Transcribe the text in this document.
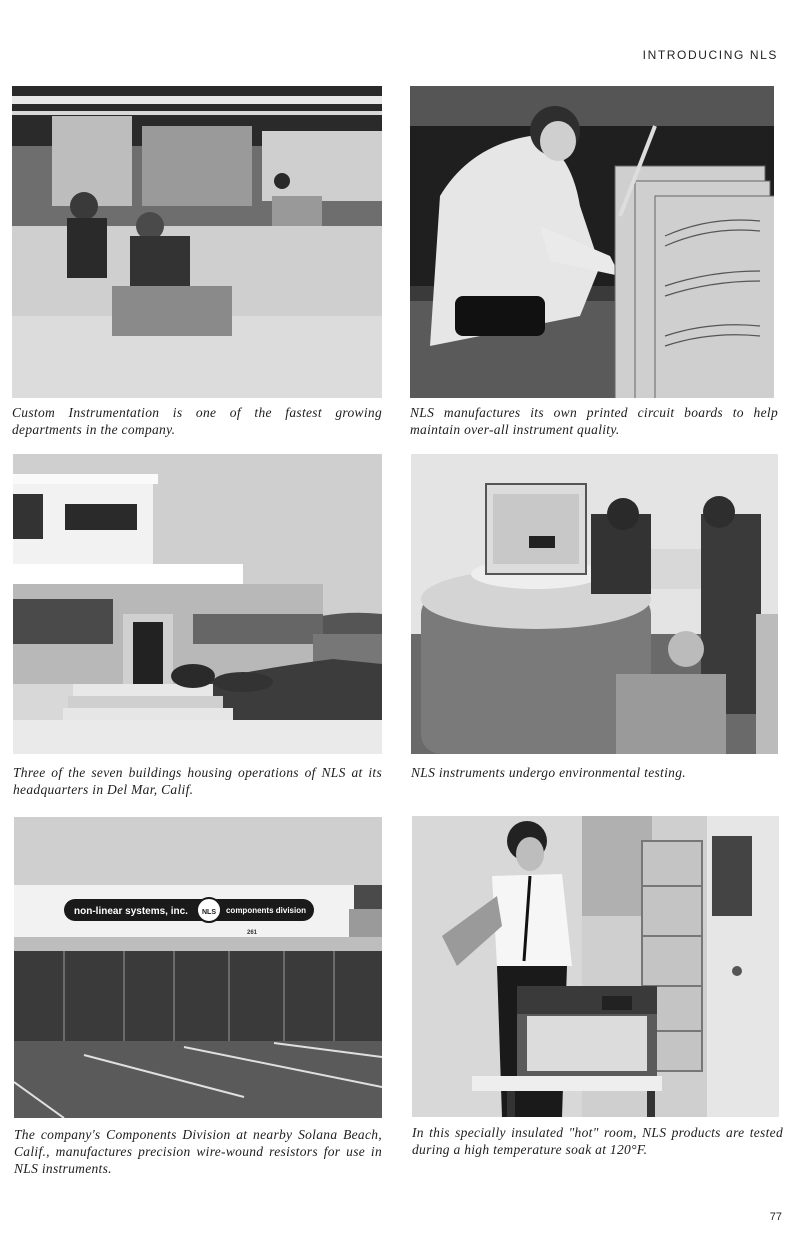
INTRODUCING NLS
Custom Instrumentation is one of the fastest growing departments in the company.
NLS manufactures its own printed circuit boards to help maintain over-all instrument quality.
Three of the seven buildings housing operations of NLS at its headquarters in Del Mar, Calif.
NLS instruments undergo environmental testing.
non-linear systems, inc. NLS components division
261
The company's Components Division at nearby Solana Beach, Calif., manufactures precision wire-wound resistors for use in NLS instruments.
In this specially insulated "hot" room, NLS products are tested during a high temperature soak at 120°F.
77
